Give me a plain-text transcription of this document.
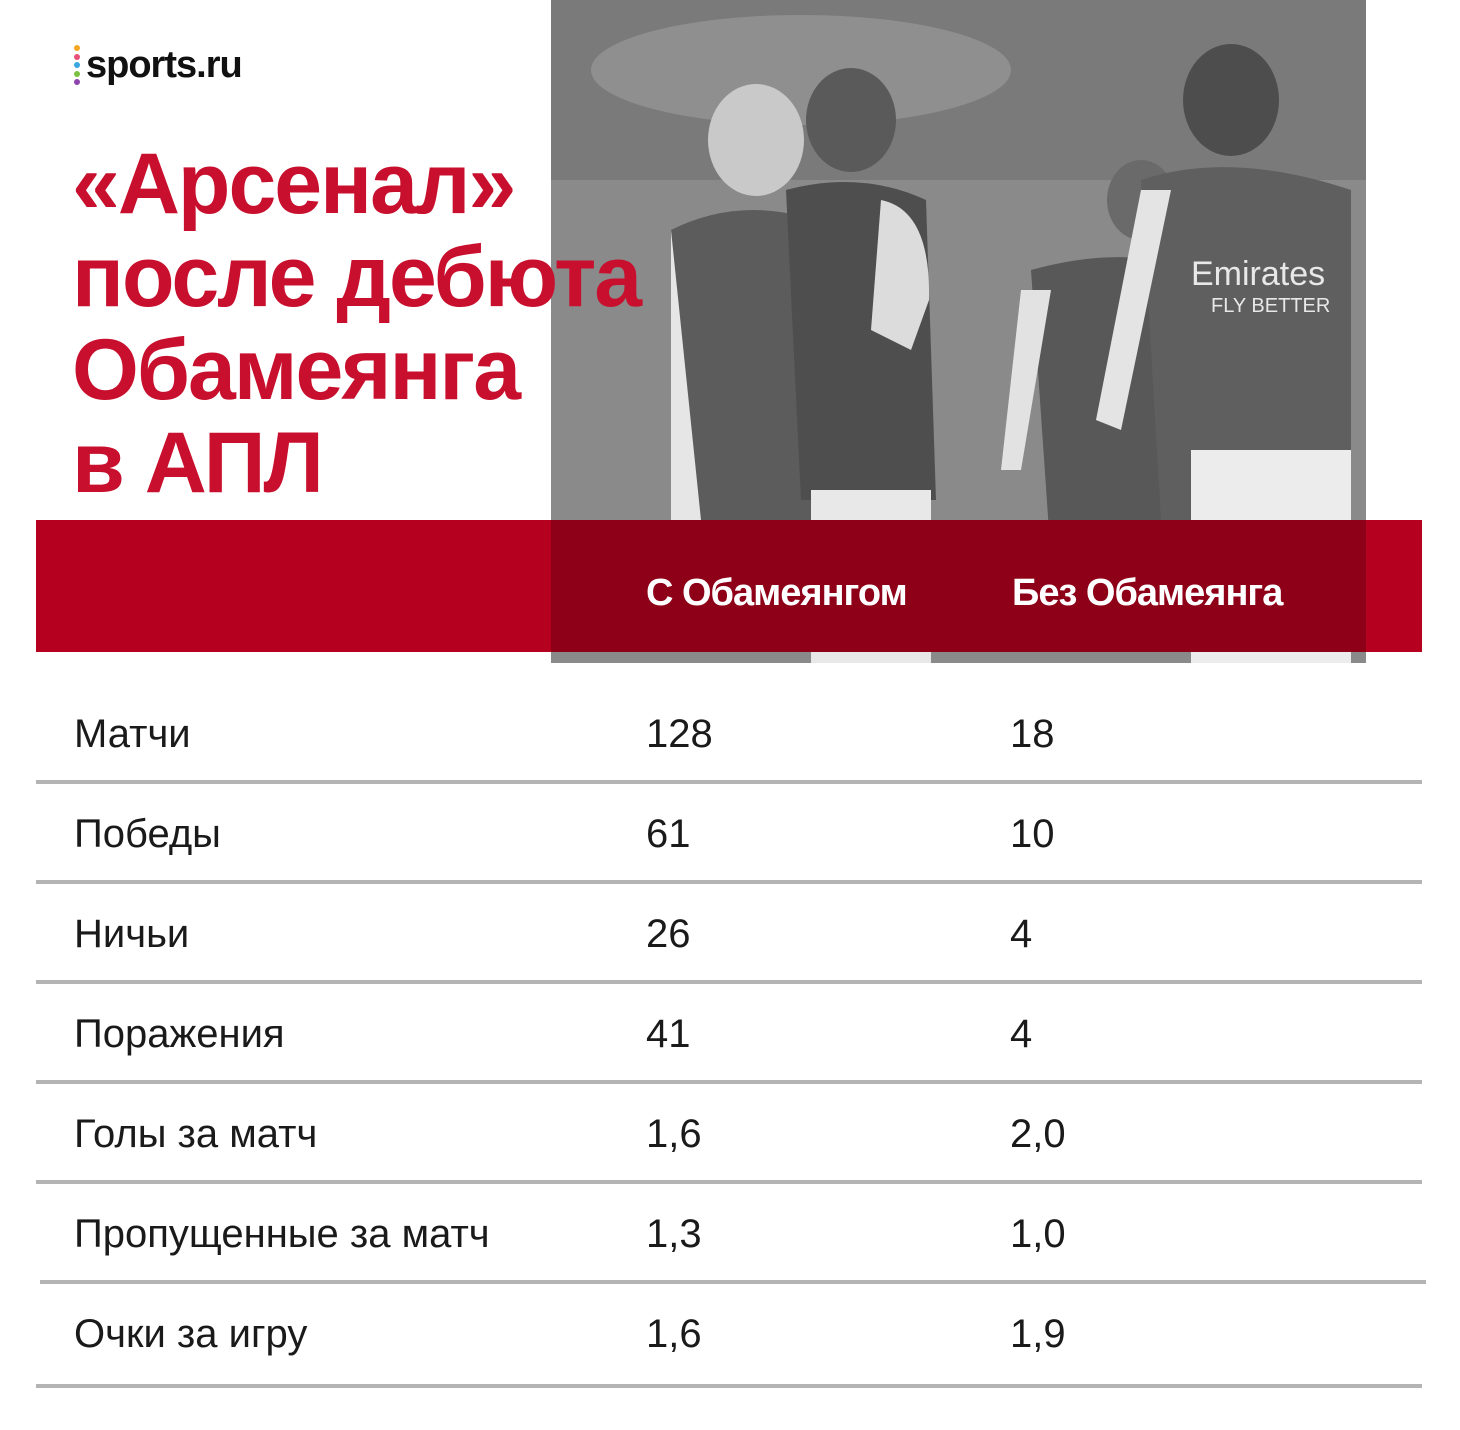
Emirates
FLY BETTER
sports.ru
«Арсенал»
после дебюта
Обамеянга
в АПЛ
С Обамеянгом	Без Обамеянга
Матчи	128	18
Победы	61	10
Ничьи	26	4
Поражения	41	4
Голы за матч	1,6	2,0
Пропущенные за матч	1,3	1,0
Очки за игру	1,6	1,9
